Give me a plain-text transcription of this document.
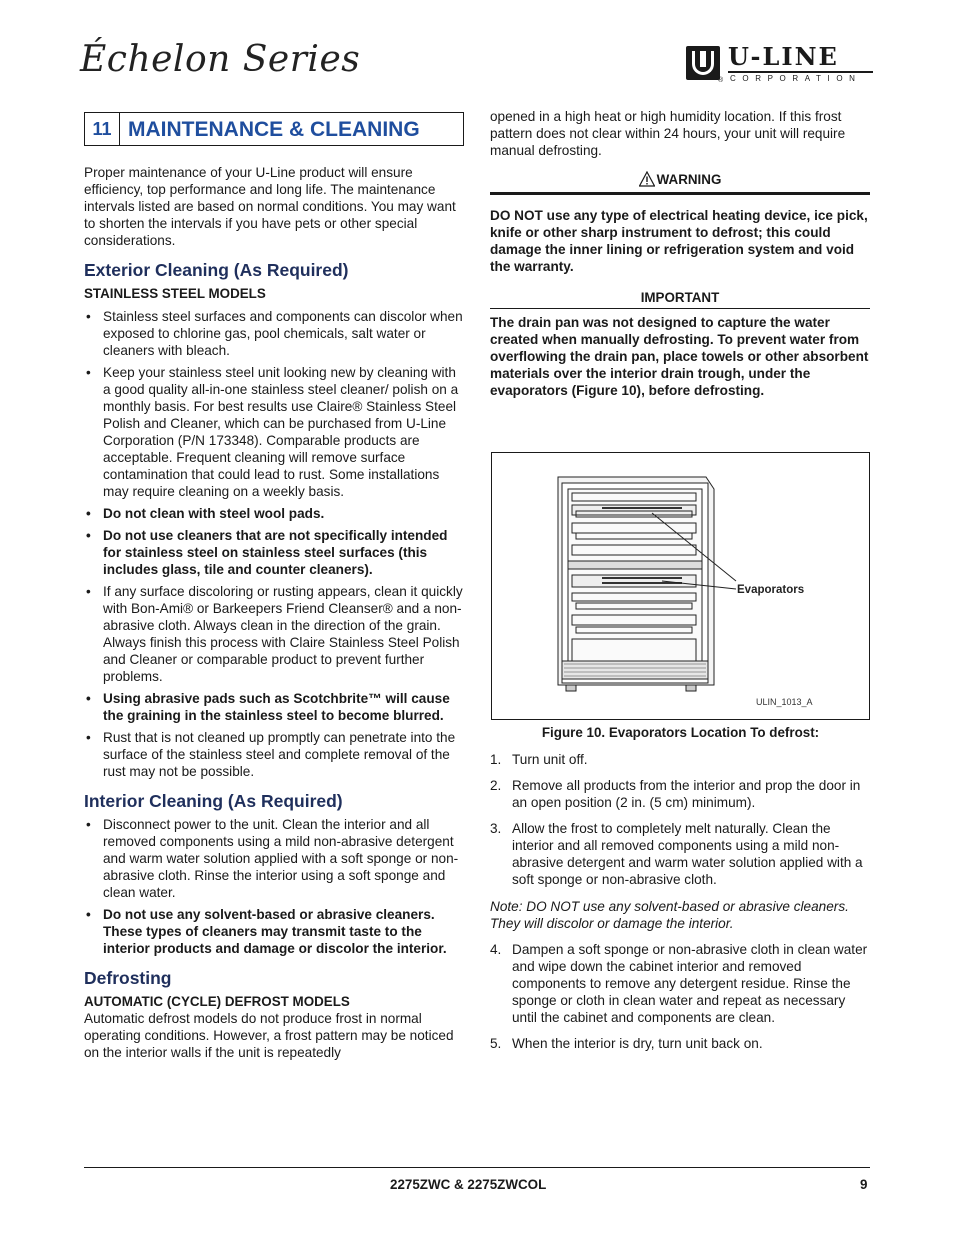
Échelon Series
®
U-LINE
CORPORATION
11 MAINTENANCE & CLEANING

Proper maintenance of your U-Line product will ensure efficiency, top performance and long life. The maintenance intervals listed are based on normal conditions. You may want to shorten the intervals if you have pets or other special considerations.

Exterior Cleaning (As Required)
STAINLESS STEEL MODELS
• Stainless steel surfaces and components can discolor when exposed to chlorine gas, pool chemicals, salt water or cleaners with bleach.
• Keep your stainless steel unit looking new by cleaning with a good quality all-in-one stainless steel cleaner/ polish on a monthly basis. For best results use Claire® Stainless Steel Polish and Cleaner, which can be purchased from U-Line Corporation (P/N 173348). Comparable products are acceptable. Frequent cleaning will remove surface contamination that could lead to rust. Some installations may require cleaning on a weekly basis.
• Do not clean with steel wool pads.
• Do not use cleaners that are not specifically intended for stainless steel on stainless steel surfaces (this includes glass, tile and counter cleaners).
• If any surface discoloring or rusting appears, clean it quickly with Bon-Ami® or Barkeepers Friend Cleanser® and a non-abrasive cloth. Always clean in the direction of the grain. Always finish this process with Claire Stainless Steel Polish and Cleaner or comparable product to prevent further problems.
• Using abrasive pads such as Scotchbrite™ will cause the graining in the stainless steel to become blurred.
• Rust that is not cleaned up promptly can penetrate into the surface of the stainless steel and complete removal of the rust may not be possible.
Interior Cleaning (As Required)
• Disconnect power to the unit. Clean the interior and all removed components using a mild non-abrasive detergent and warm water solution applied with a soft sponge or non-abrasive cloth. Rinse the interior using a soft sponge and clean water.
• Do not use any solvent-based or abrasive cleaners. These types of cleaners may transmit taste to the interior products and damage or discolor the interior.
Defrosting
AUTOMATIC (CYCLE) DEFROST MODELS

Automatic defrost models do not produce frost in normal operating conditions. However, a frost pattern may be noticed on the interior walls if the unit is repeatedly

opened in a high heat or high humidity location. If this frost pattern does not clear within 24 hours, your unit will require manual defrosting.

WARNING

DO NOT use any type of electrical heating device, ice pick, knife or other sharp instrument to defrost; this could damage the inner lining or refrigeration system and void the warranty.

IMPORTANT

The drain pan was not designed to capture the water created when manually defrosting. To prevent water from overflowing the drain pan, place towels or other absorbent materials over the interior drain trough, under the evaporators (Figure 10), before defrosting.

Evaporators
ULIN_1013_A
Figure 10. Evaporators Location To defrost:
1. Turn unit off.
2. Remove all products from the interior and prop the door in an open position (2 in. (5 cm) minimum).
3. Allow the frost to completely melt naturally. Clean the interior and all removed components using a mild non-abrasive detergent and warm water solution applied with a soft sponge or non-abrasive cloth.

Note: DO NOT use any solvent-based or abrasive cleaners. They will discolor or damage the interior.

4. Dampen a soft sponge or non-abrasive cloth in clean water and wipe down the cabinet interior and removed components to remove any detergent residue. Rinse the sponge or cloth in clean water and repeat as necessary until the cabinet and components are clean.
5. When the interior is dry, turn unit back on.
2275ZWC & 2275ZWCOL	9
